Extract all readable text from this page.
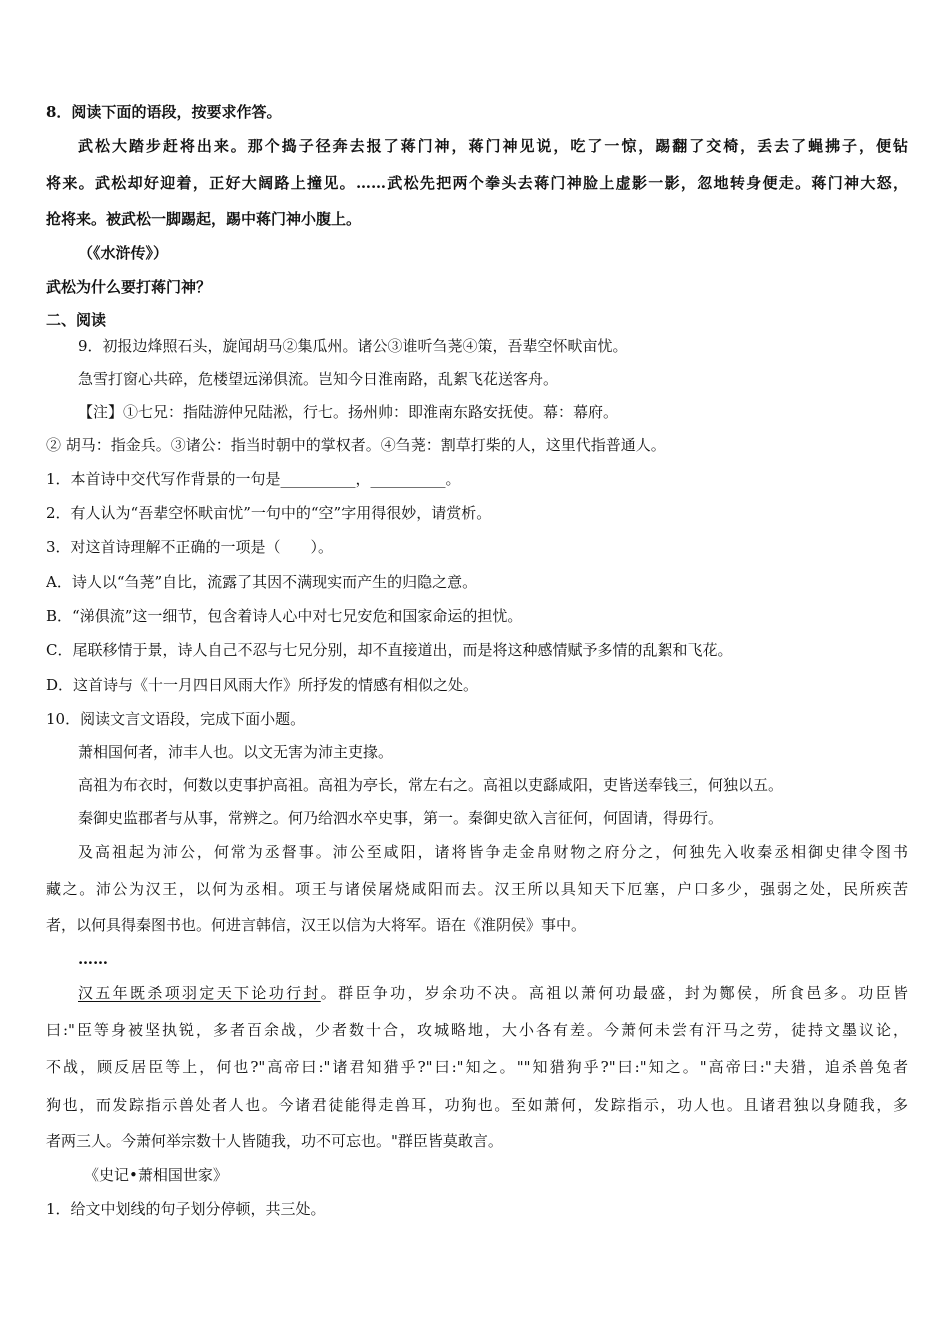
8．阅读下面的语段，按要求作答。
武松大踏步赶将出来。那个捣子径奔去报了蒋门神，蒋门神见说，吃了一惊，踢翻了交椅，丢去了蝇拂子，便钻
将来。武松却好迎着，正好大阔路上撞见。……武松先把两个拳头去蒋门神脸上虚影一影，忽地转身便走。蒋门神大怒，
抢将来。被武松一脚踢起，踢中蒋门神小腹上。
（《水浒传》）
武松为什么要打蒋门神？
二、阅读
9．初报边烽照石头，旋闻胡马②集瓜州。诸公③谁听刍荛④策，吾辈空怀畎亩忧。
急雪打窗心共碎，危楼望远涕俱流。岂知今日淮南路，乱絮飞花送客舟。
【注】①七兄：指陆游仲兄陆淞，行七。扬州帅：即淮南东路安抚使。幕：幕府。
② 胡马：指金兵。③诸公：指当时朝中的掌权者。④刍荛：割草打柴的人，这里代指普通人。
1．本首诗中交代写作背景的一句是__________，__________。
2．有人认为“吾辈空怀畎亩忧”一句中的“空”字用得很妙，请赏析。
3．对这首诗理解不正确的一项是（　　）。
A．诗人以“刍荛”自比，流露了其因不满现实而产生的归隐之意。
B．“涕俱流”这一细节，包含着诗人心中对七兄安危和国家命运的担忧。
C．尾联移情于景，诗人自己不忍与七兄分别，却不直接道出，而是将这种感情赋予多情的乱絮和飞花。
D．这首诗与《十一月四日风雨大作》所抒发的情感有相似之处。
10．阅读文言文语段，完成下面小题。
萧相国何者，沛丰人也。以文无害为沛主吏掾。
高祖为布衣时，何数以吏事护高祖。高祖为亭长，常左右之。高祖以吏繇咸阳，吏皆送奉钱三，何独以五。
秦御史监郡者与从事，常辨之。何乃给泗水卒史事，第一。秦御史欲入言征何，何固请，得毋行。
及高祖起为沛公，何常为丞督事。沛公至咸阳，诸将皆争走金帛财物之府分之，何独先入收秦丞相御史律令图书
藏之。沛公为汉王，以何为丞相。项王与诸侯屠烧咸阳而去。汉王所以具知天下厄塞，户口多少，强弱之处，民所疾苦
者，以何具得秦图书也。何进言韩信，汉王以信为大将军。语在《淮阴侯》事中。
……
汉五年既杀项羽定天下论功行封。群臣争功，岁余功不决。高祖以萧何功最盛，封为酂侯，所食邑多。功臣皆
曰:"臣等身被坚执锐，多者百余战，少者数十合，攻城略地，大小各有差。今萧何未尝有汗马之劳，徒持文墨议论，
不战，顾反居臣等上，何也?"高帝曰:"诸君知猎乎?"曰:"知之。""知猎狗乎?"曰:"知之。"高帝曰:"夫猎，追杀兽兔者
狗也，而发踪指示兽处者人也。今诸君徒能得走兽耳，功狗也。至如萧何，发踪指示，功人也。且诸君独以身随我，多
者两三人。今萧何举宗数十人皆随我，功不可忘也。"群臣皆莫敢言。
《史记•萧相国世家》
1．给文中划线的句子划分停顿，共三处。
